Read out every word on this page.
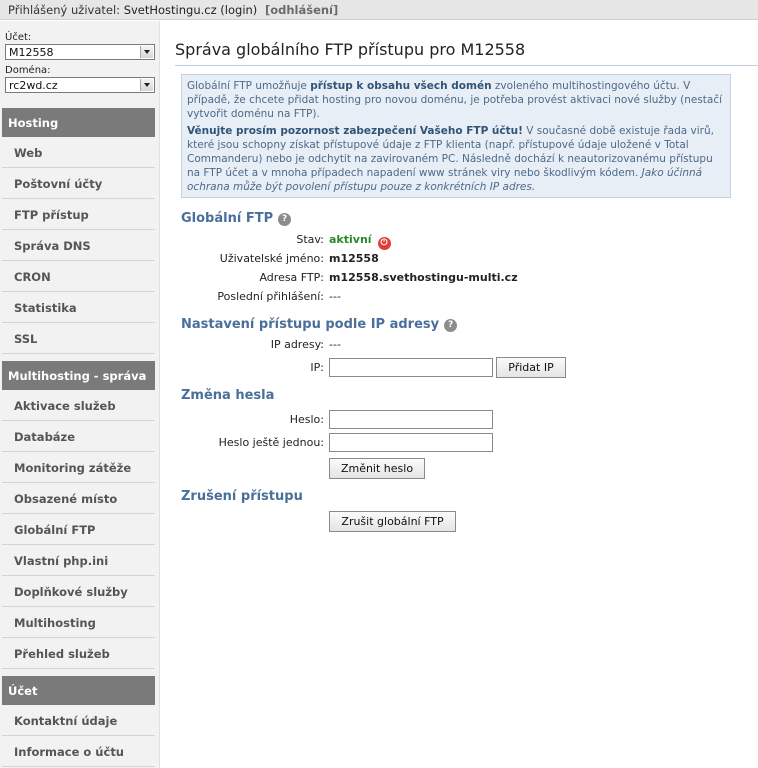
Přihlášený uživatel: SvetHostingu.cz (login) [odhlášení]
Účet:
M12558
Doména:
rc2wd.cz
Hosting
Web
Poštovní účty
FTP přístup
Správa DNS
CRON
Statistika
SSL
Multihosting - správa
Aktivace služeb
Databáze
Monitoring zátěže
Obsazené místo
Globální FTP
Vlastní php.ini
Doplňkové služby
Multihosting
Přehled služeb
Účet
Kontaktní údaje
Informace o účtu
Správa globálního FTP přístupu pro M12558
Globální FTP umožňuje přístup k obsahu všech domén zvoleného multihostingového účtu. V případě, že chcete přidat hosting pro novou doménu, je potřeba provést aktivaci nové služby (nestačí vytvořit doménu na FTP).
Věnujte prosím pozornost zabezpečení Vašeho FTP účtu! V současné době existuje řada virů, které jsou schopny získat přístupové údaje z FTP klienta (např. přístupové údaje uložené v Total Commanderu) nebo je odchytit na zavirovaném PC. Následně dochází k neautorizovanému přístupu na FTP účet a v mnoha případech napadení www stránek viry nebo škodlivým kódem. Jako účinná ochrana může být povolení přístupu pouze z konkrétních IP adres.
Globální FTP ?
Stav: aktivní ⏻
Uživatelské jméno: m12558
Adresa FTP: m12558.svethostingu-multi.cz
Poslední přihlášení: ---
Nastavení přístupu podle IP adresy ?
IP adresy: ---
IP:	Přidat IP
Změna hesla
Heslo:
Heslo ještě jednou:
Změnit heslo
Zrušení přístupu
Zrušit globální FTP
